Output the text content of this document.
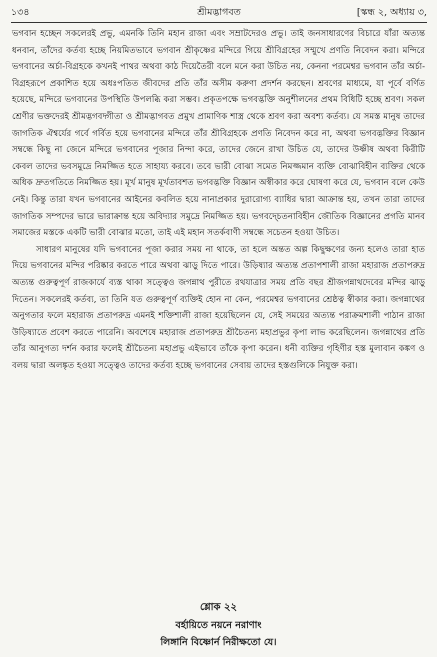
১৩৪	শ্রীমদ্ভাগবত	[স্কন্ধ ২, অধ্যায় ৩,

ভগবান হচ্ছেন সকলেরই প্রভু, এমনকি তিনি মহান রাজা এবং সম্রাটদেরও প্রভু। তাই জনসাধারণের বিচারে যাঁরা অত্যন্ত ধনবান, তাঁদের কর্তব্য হচ্ছে নিয়মিতভাবে ভগবান শ্রীকৃষ্ণের মন্দিরে গিয়ে শ্রীবিগ্রহের সম্মুখে প্রণতি নিবেদন করা। মন্দিরে ভগবানের অর্চা-বিগ্রহকে কখনই পাথর অথবা কাঠ দিয়েতৈরী বলে মনে করা উচিত নয়, কেননা পরমেশ্বর ভগবান তাঁর অর্চা-বিগ্রহরূপে প্রকাশিত হয়ে অধঃপতিত জীবদের প্রতি তাঁর অসীম করুণা প্রদর্শন করছেন। শ্রবণের মাধ্যমে, যা পূর্বে বর্ণিত হয়েছে, মন্দিরে ভগবানের উপস্থিতি উপলব্ধি করা সম্ভব। প্রকৃতপক্ষে ভগবদ্ভক্তি অনুশীলনের প্রথম বিধিটি হচ্ছে শ্রবণ। সকল শ্রেণীর ভক্তদেরই শ্রীমদ্ভগবদ্গীতা ও শ্রীমদ্ভাগবত প্রমুখ প্রামাণিক শাস্ত্র থেকে শ্রবণ করা অবশ্য কর্তব্য। যে সমস্ত মানুষ তাদের জাগতিক ঐশ্বর্যের গর্বে গর্বিত হয়ে ভগবানের মন্দিরে তাঁর শ্রীবিগ্রহকে প্রণতি নিবেদন করে না, অথবা ভগবদ্ভক্তির বিজ্ঞান সম্বন্ধে কিছু না জেনে মন্দিরে ভগবানের পূজার নিন্দা করে, তাদের জেনে রাখা উচিত যে, তাদের উষ্ণীষ অথবা কিরীটি কেবল তাদের ভবসমুদ্রে নিমজ্জিত হতে সাহায্য করবে। তবে ভারী বোঝা সমেত নিমজ্জমান ব্যক্তি বোঝাবিহীন ব্যক্তির থেকে অধিক দ্রুতগতিতে নিমজ্জিত হয়। মূর্খ মানুষ মূর্খতাবশত ভগবদ্ভক্তি বিজ্ঞান অস্বীকার করে ঘোষণা করে যে, ভগবান বলে কেউ নেই। কিন্তু তারা যখন ভগবানের আইনের কবলিত হয়ে নানাপ্রকার দুরারোগ্য ব্যাধির দ্বারা আক্রান্ত হয়, তখন তারা তাদের জাগতিক সম্পদের ভারে ভারাক্রান্ত হয়ে অবিদ্যার সমুদ্রে নিমজ্জিত হয়। ভগবদ্চেতনাবিহীন জৌতিক বিজ্ঞানের প্রগতি মানব সমাজের মস্তকে একটি ভারী বোঝার মতো, তাই এই মহান সতর্কবাণী সম্বন্ধে সচেতন হওয়া উচিত।

সাধারণ মানুষের যদি ভগবানের পূজা করার সময় না থাকে, তা হলে অন্তত অল্প কিছুক্ষণের জন্য হলেও তারা হাত দিয়ে ভগবানের মন্দির পরিষ্কার করতে পারে অথবা ঝাড়ু দিতে পারে। উড়িষ্যার অত্যন্ত প্রতাপশালী রাজা মহারাজ প্রতাপরুদ্র অত্যন্ত গুরুত্বপূর্ণ রাজকার্যে ব্যস্ত থাকা সত্ত্বেও জগন্নাথ পুরীতে রথযাত্রার সময় প্রতি বছর শ্রীজগন্নাথদেবের মন্দির ঝাড়ু দিতেন। সকলেরই কর্তব্য, তা তিনি যত গুরুত্বপূর্ণ ব্যক্তিই হোন না কেন, পরমেশ্বর ভগবানের শ্রেষ্ঠত্ব স্বীকার করা। জগন্নাথের অনুগতার ফলে মহারাজ প্রতাপরুদ্র এমনই শক্তিশালী রাজা হয়েছিলেন যে, সেই সময়ের অত্যন্ত পরাক্রমশালী পাঠান রাজা উড়িষ্যাতে প্রবেশ করতে পারেনি। অবশেষে মহারাজ প্রতাপরুদ্র শ্রীচৈতন্য মহাপ্রভুর কৃপা লাভ করেছিলেন। জগন্নাথের প্রতি তাঁর আনুগত্য দর্শন করার ফলেই শ্রীচৈতন্য মহাপ্রভু এইভাবে তাঁকে কৃপা করেন। ধনী ব্যক্তির গৃহিণীর হস্ত মুলাবান কঙ্কণ ও বলয় দ্বারা অলঙ্কৃত হওয়া সত্ত্বেও তাদের কর্তব্য হচ্ছে ভগবানের সেবায় তাদের হস্তগুলিকে নিযুক্ত করা।

শ্লোক ২২
বর্হায়িতে নয়নে নরাণাং
লিঙ্গানি বিষ্ণোর্ন নিরীক্ষতো যে।
